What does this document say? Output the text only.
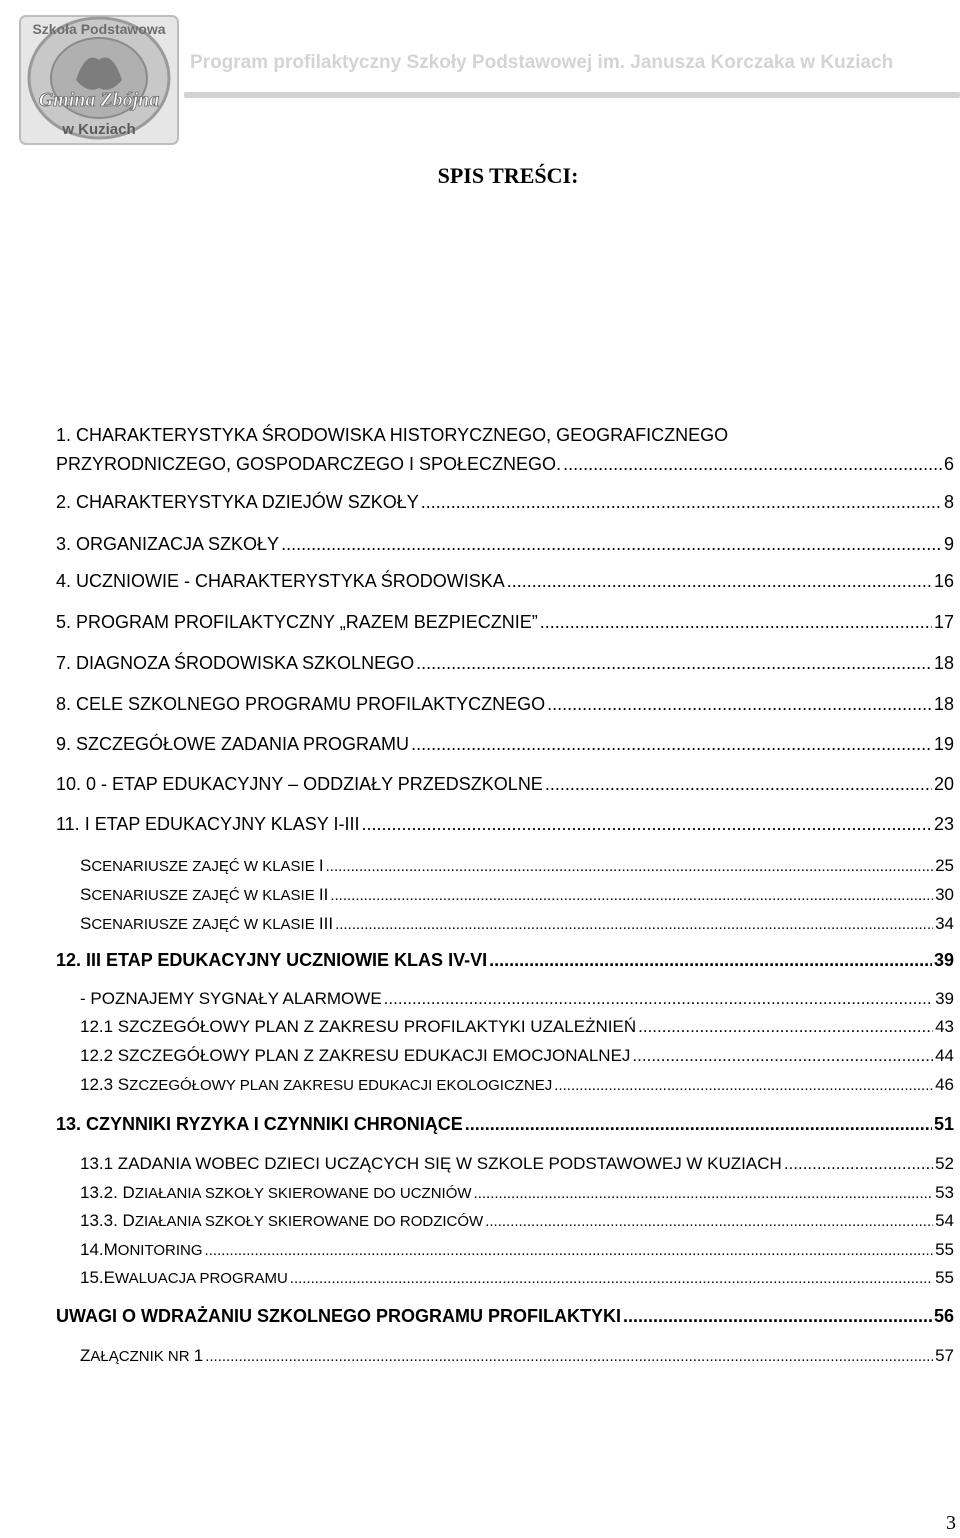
Szkoła Podstawowa
Gmina Zbójna
w Kuziach
Program profilaktyczny Szkoły Podstawowej im. Janusza Korczaka w Kuziach
SPIS TREŚCI:
1. CHARAKTERYSTYKA ŚRODOWISKA HISTORYCZNEGO, GEOGRAFICZNEGO
PRZYRODNICZEGO, GOSPODARCZEGO I SPOŁECZNEGO. .....	6
2. CHARAKTERYSTYKA DZIEJÓW SZKOŁY .....	8
3. ORGANIZACJA SZKOŁY .....	9
4. UCZNIOWIE - CHARAKTERYSTYKA ŚRODOWISKA .....	16
5. PROGRAM PROFILAKTYCZNY „RAZEM BEZPIECZNIE” .....	17
7. DIAGNOZA ŚRODOWISKA SZKOLNEGO .....	18
8. CELE SZKOLNEGO PROGRAMU PROFILAKTYCZNEGO .....	18
9. SZCZEGÓŁOWE ZADANIA PROGRAMU .....	19
10. 0 - ETAP EDUKACYJNY – ODDZIAŁY PRZEDSZKOLNE .....	20
11. I ETAP EDUKACYJNY KLASY I-III .....	23
SCENARIUSZE ZAJĘĆ W KLASIE I .....	25
SCENARIUSZE ZAJĘĆ W KLASIE II .....	30
SCENARIUSZE ZAJĘĆ W KLASIE III .....	34
12. III ETAP EDUKACYJNY UCZNIOWIE KLAS IV-VI .....	39
- POZNAJEMY SYGNAŁY ALARMOWE .....	39
12.1 SZCZEGÓŁOWY PLAN Z ZAKRESU PROFILAKTYKI UZALEŻNIEŃ .....	43
12.2 SZCZEGÓŁOWY PLAN Z ZAKRESU EDUKACJI EMOCJONALNEJ .....	44
12.3 SZCZEGÓŁOWY PLAN ZAKRESU EDUKACJI EKOLOGICZNEJ .....	46
13. CZYNNIKI RYZYKA I CZYNNIKI CHRONIĄCE .....	51
13.1 ZADANIA WOBEC DZIECI UCZĄCYCH SIĘ W SZKOLE PODSTAWOWEJ W KUZIACH .....	52
13.2. DZIAŁANIA SZKOŁY SKIEROWANE DO UCZNIÓW .....	53
13.3. DZIAŁANIA SZKOŁY SKIEROWANE DO RODZICÓW .....	54
14.MONITORING .....	55
15.EWALUACJA PROGRAMU .....	55
UWAGI O WDRAŻANIU SZKOLNEGO PROGRAMU PROFILAKTYKI .....	56
ZAŁĄCZNIK NR 1 .....	57
3
